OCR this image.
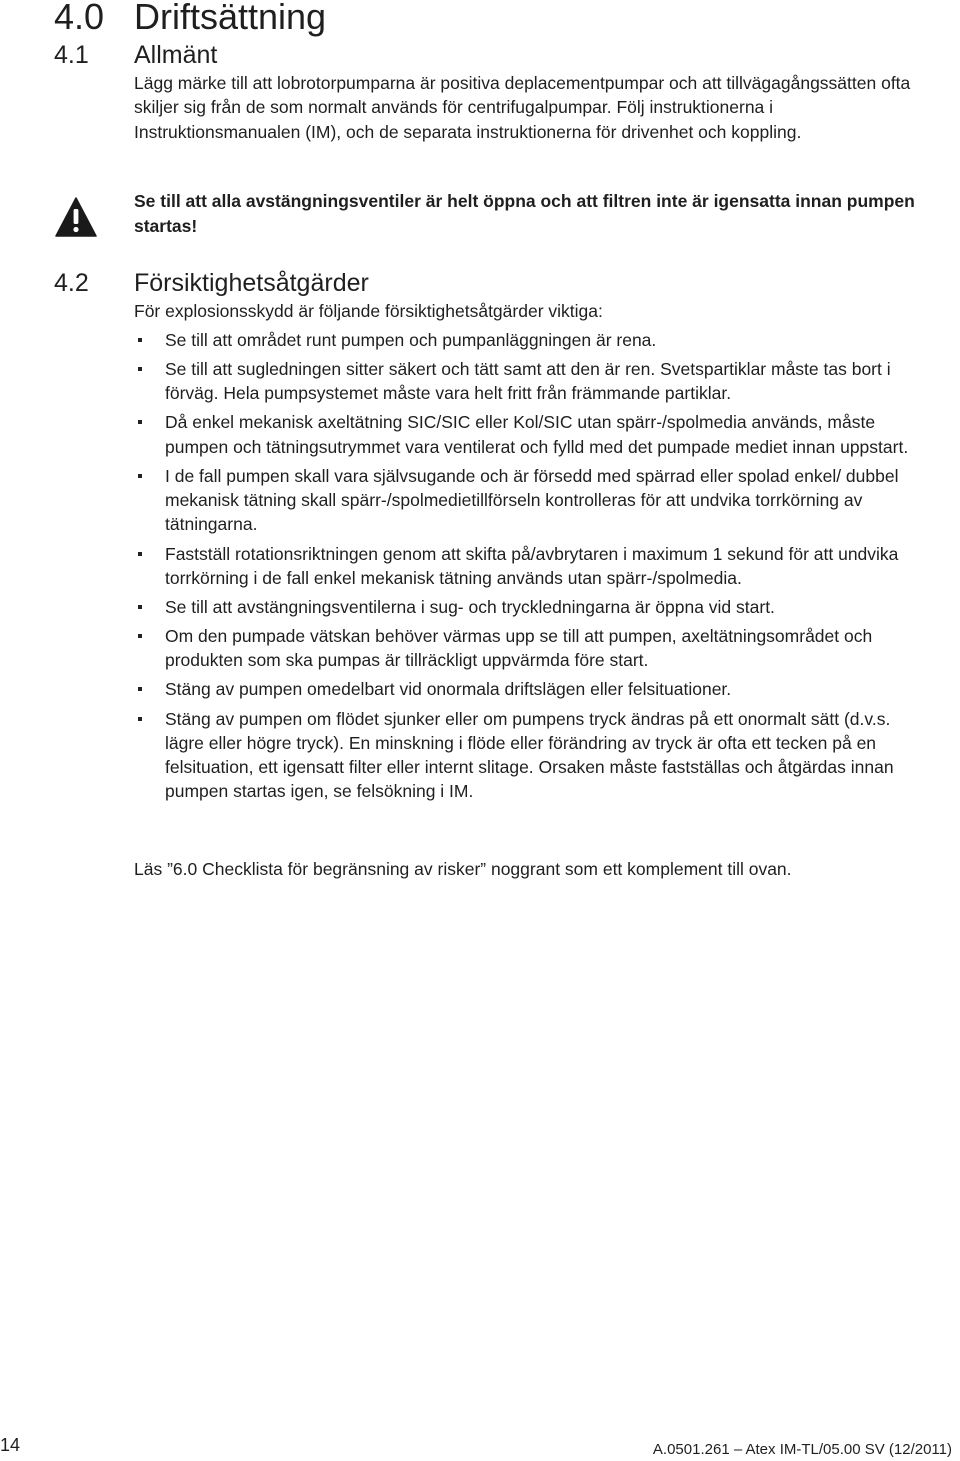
4.0 Driftsättning
4.1 Allmänt
Lägg märke till att lobrotorpumparna är positiva deplacementpumpar och att tillvägagångssätten ofta skiljer sig från de som normalt används för centrifugalpumpar. Följ instruktionerna i Instruktionsmanualen (IM), och de separata instruktionerna för drivenhet och koppling.
Se till att alla avstängningsventiler är helt öppna och att filtren inte är igensatta innan pumpen startas!
4.2 Försiktighetsåtgärder
För explosionsskydd är följande försiktighetsåtgärder viktiga:
Se till att området runt pumpen och pumpanläggningen är rena.
Se till att sugledningen sitter säkert och tätt samt att den är ren. Svetspartiklar måste tas bort i förväg. Hela pumpsystemet måste vara helt fritt från främmande partiklar.
Då enkel mekanisk axeltätning SIC/SIC eller Kol/SIC utan spärr-/spolmedia används, måste pumpen och tätningsutrymmet vara ventilerat och fylld med det pumpade mediet innan uppstart.
I de fall pumpen skall vara självsugande och är försedd med spärrad eller spolad enkel/ dubbel mekanisk tätning skall spärr-/spolmedietillförseln kontrolleras för att undvika torrkörning av tätningarna.
Fastställ rotationsriktningen genom att skifta på/avbrytaren i maximum 1 sekund för att undvika torrkörning i de fall enkel mekanisk tätning används utan spärr-/spolmedia.
Se till att avstängningsventilerna i sug- och tryckledningarna är öppna vid start.
Om den pumpade vätskan behöver värmas upp se till att pumpen, axeltätningsområdet och produkten som ska pumpas är tillräckligt uppvärmda före start.
Stäng av pumpen omedelbart vid onormala driftslägen eller felsituationer.
Stäng av pumpen om flödet sjunker eller om pumpens tryck ändras på ett onormalt sätt (d.v.s. lägre eller högre tryck). En minskning i flöde eller förändring av tryck är ofta ett tecken på en felsituation, ett igensatt filter eller internt slitage. Orsaken måste fastställas och åtgärdas innan pumpen startas igen, se felsökning i IM.
Läs ”6.0 Checklista för begränsning av risker” noggrant som ett komplement till ovan.
14	A.0501.261 – Atex IM-TL/05.00 SV (12/2011)
